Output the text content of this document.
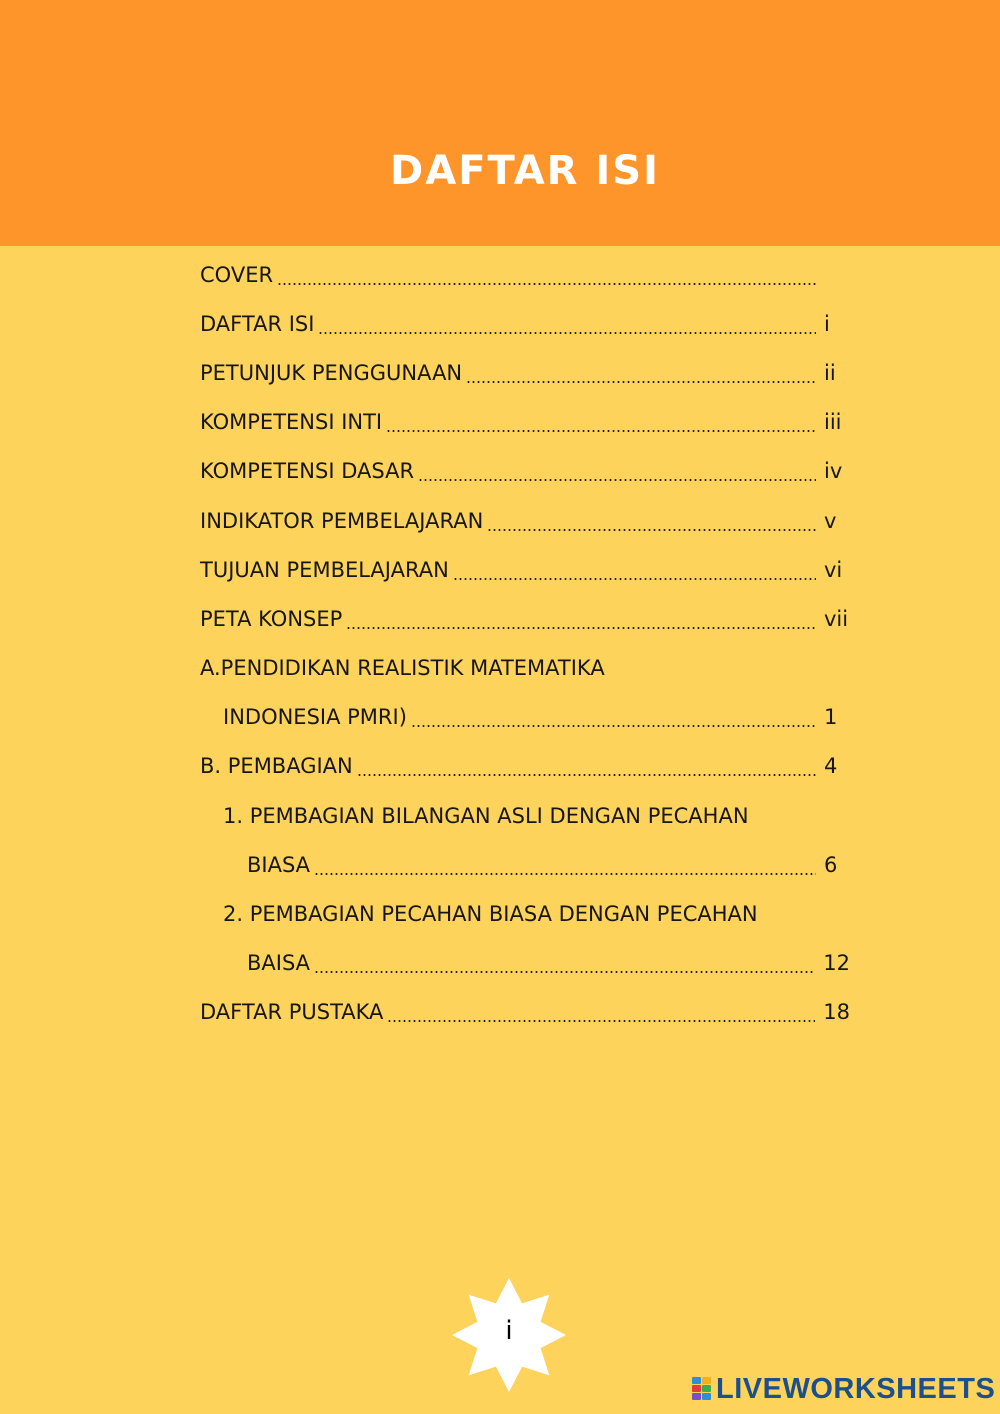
DAFTAR ISI
COVER
DAFTAR ISI	i
PETUNJUK PENGGUNAAN	ii
KOMPETENSI INTI	iii
KOMPETENSI DASAR	iv
INDIKATOR PEMBELAJARAN	v
TUJUAN PEMBELAJARAN	vi
PETA KONSEP	vii
A.PENDIDIKAN REALISTIK MATEMATIKA
INDONESIA PMRI)	1
B. PEMBAGIAN	4
1. PEMBAGIAN BILANGAN ASLI DENGAN PECAHAN
BIASA	6
2. PEMBAGIAN PECAHAN BIASA DENGAN PECAHAN
BAISA	12
DAFTAR PUSTAKA	18
i
LIVEWORKSHEETS
